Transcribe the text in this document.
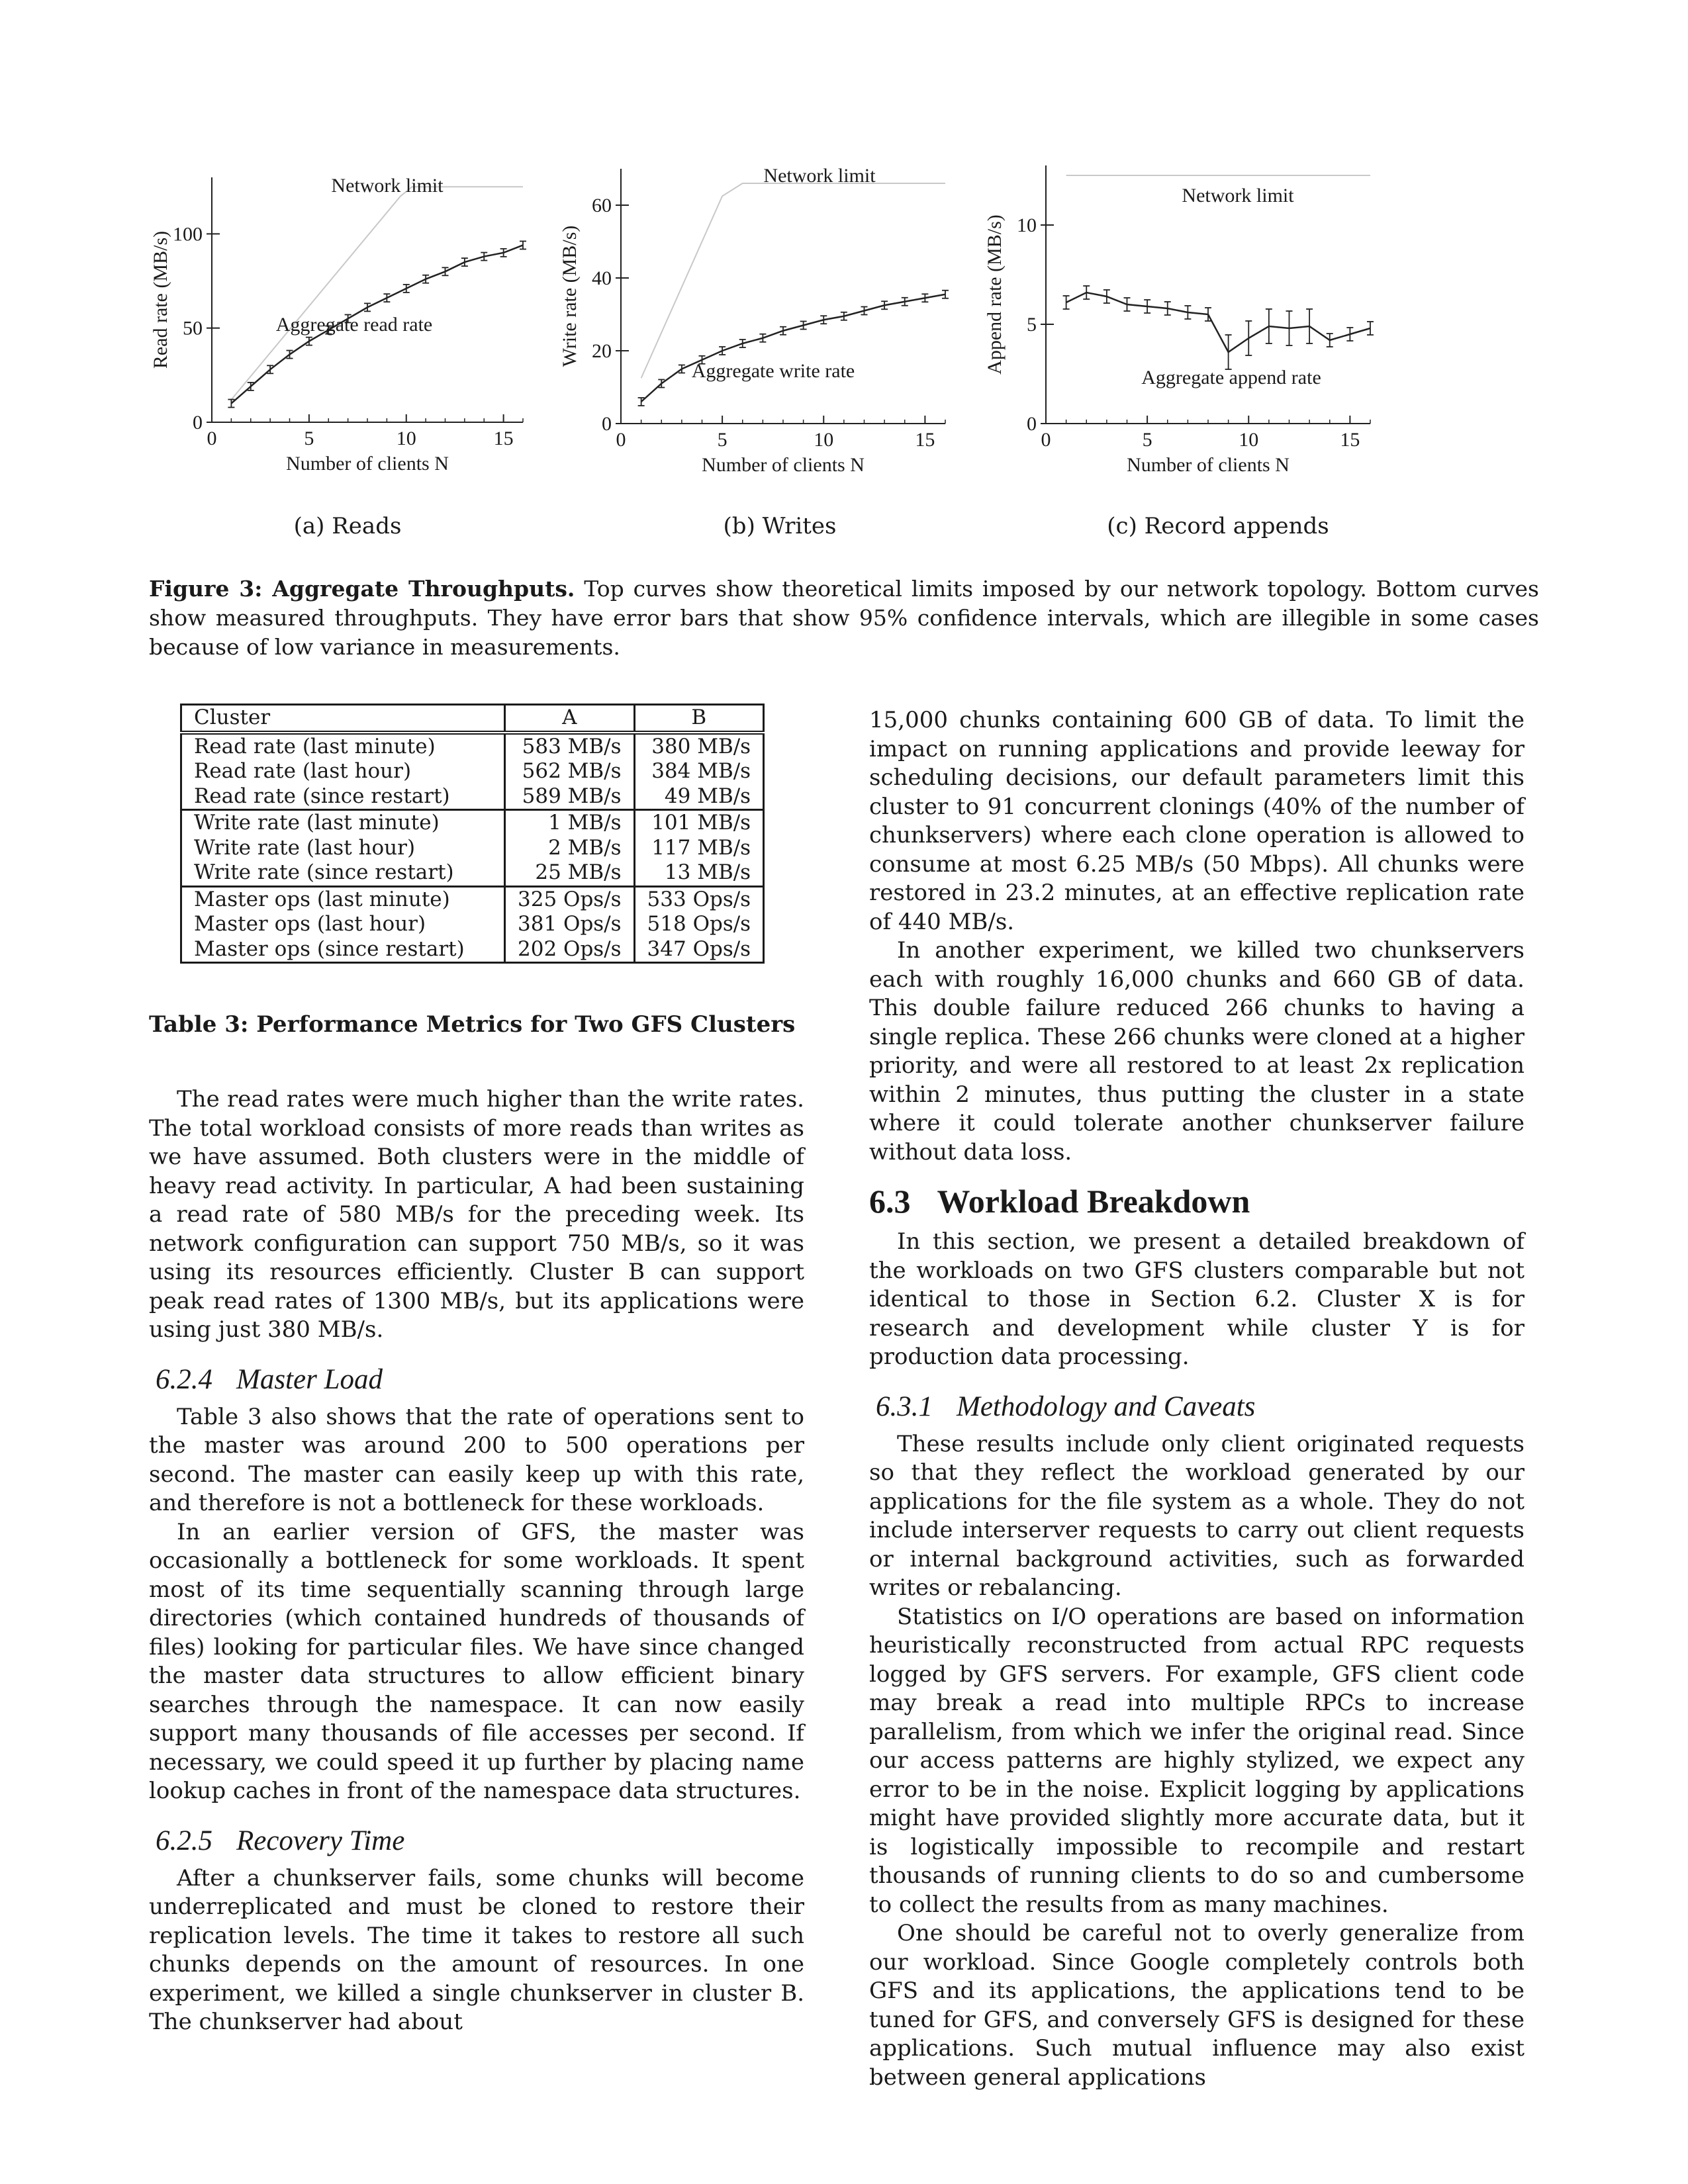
0	5	10	15
0
50
100
Number of clients N
Read rate (MB/s)
Network limit
Aggregate read rate
(a) Reads
0	5	10	15
0
20
40
60
Number of clients N
Write rate (MB/s)
Network limit
Aggregate write rate
(b) Writes
0	5	10	15
0
5
10
Number of clients N
Append rate (MB/s)
Network limit
Aggregate append rate
(c) Record appends
Figure 3: Aggregate Throughputs. Top curves show theoretical limits imposed by our network topology. Bottom curves show measured throughputs. They have error bars that show 95% confidence intervals, which are illegible in some cases because of low variance in measurements.
Cluster	A	B
Read rate (last minute)	583 MB/s	380 MB/s
Read rate (last hour)	562 MB/s	384 MB/s
Read rate (since restart)	589 MB/s	49 MB/s
Write rate (last minute)	1 MB/s	101 MB/s
Write rate (last hour)	2 MB/s	117 MB/s
Write rate (since restart)	25 MB/s	13 MB/s
Master ops (last minute)	325 Ops/s	533 Ops/s
Master ops (last hour)	381 Ops/s	518 Ops/s
Master ops (since restart)	202 Ops/s	347 Ops/s
Table 3: Performance Metrics for Two GFS Clusters

The read rates were much higher than the write rates. The total workload consists of more reads than writes as we have assumed. Both clusters were in the middle of heavy read activity. In particular, A had been sustaining a read rate of 580 MB/s for the preceding week. Its network configuration can support 750 MB/s, so it was using its resources efficiently. Cluster B can support peak read rates of 1300 MB/s, but its applications were using just 380 MB/s.

6.2.4 Master Load

Table 3 also shows that the rate of operations sent to the master was around 200 to 500 operations per second. The master can easily keep up with this rate, and therefore is not a bottleneck for these workloads.

In an earlier version of GFS, the master was occasionally a bottleneck for some workloads. It spent most of its time sequentially scanning through large directories (which contained hundreds of thousands of files) looking for particular files. We have since changed the master data structures to allow efficient binary searches through the namespace. It can now easily support many thousands of file accesses per second. If necessary, we could speed it up further by placing name lookup caches in front of the namespace data structures.

6.2.5 Recovery Time

After a chunkserver fails, some chunks will become underreplicated and must be cloned to restore their replication levels. The time it takes to restore all such chunks depends on the amount of resources. In one experiment, we killed a single chunkserver in cluster B. The chunkserver had about

15,000 chunks containing 600 GB of data. To limit the impact on running applications and provide leeway for scheduling decisions, our default parameters limit this cluster to 91 concurrent clonings (40% of the number of chunkservers) where each clone operation is allowed to consume at most 6.25 MB/s (50 Mbps). All chunks were restored in 23.2 minutes, at an effective replication rate of 440 MB/s.

In another experiment, we killed two chunkservers each with roughly 16,000 chunks and 660 GB of data. This double failure reduced 266 chunks to having a single replica. These 266 chunks were cloned at a higher priority, and were all restored to at least 2x replication within 2 minutes, thus putting the cluster in a state where it could tolerate another chunkserver failure without data loss.

6.3 Workload Breakdown

In this section, we present a detailed breakdown of the workloads on two GFS clusters comparable but not identical to those in Section 6.2. Cluster X is for research and development while cluster Y is for production data processing.

6.3.1 Methodology and Caveats

These results include only client originated requests so that they reflect the workload generated by our applications for the file system as a whole. They do not include interserver requests to carry out client requests or internal background activities, such as forwarded writes or rebalancing.

Statistics on I/O operations are based on information heuristically reconstructed from actual RPC requests logged by GFS servers. For example, GFS client code may break a read into multiple RPCs to increase parallelism, from which we infer the original read. Since our access patterns are highly stylized, we expect any error to be in the noise. Explicit logging by applications might have provided slightly more accurate data, but it is logistically impossible to recompile and restart thousands of running clients to do so and cumbersome to collect the results from as many machines.

One should be careful not to overly generalize from our workload. Since Google completely controls both GFS and its applications, the applications tend to be tuned for GFS, and conversely GFS is designed for these applications. Such mutual influence may also exist between general applications
